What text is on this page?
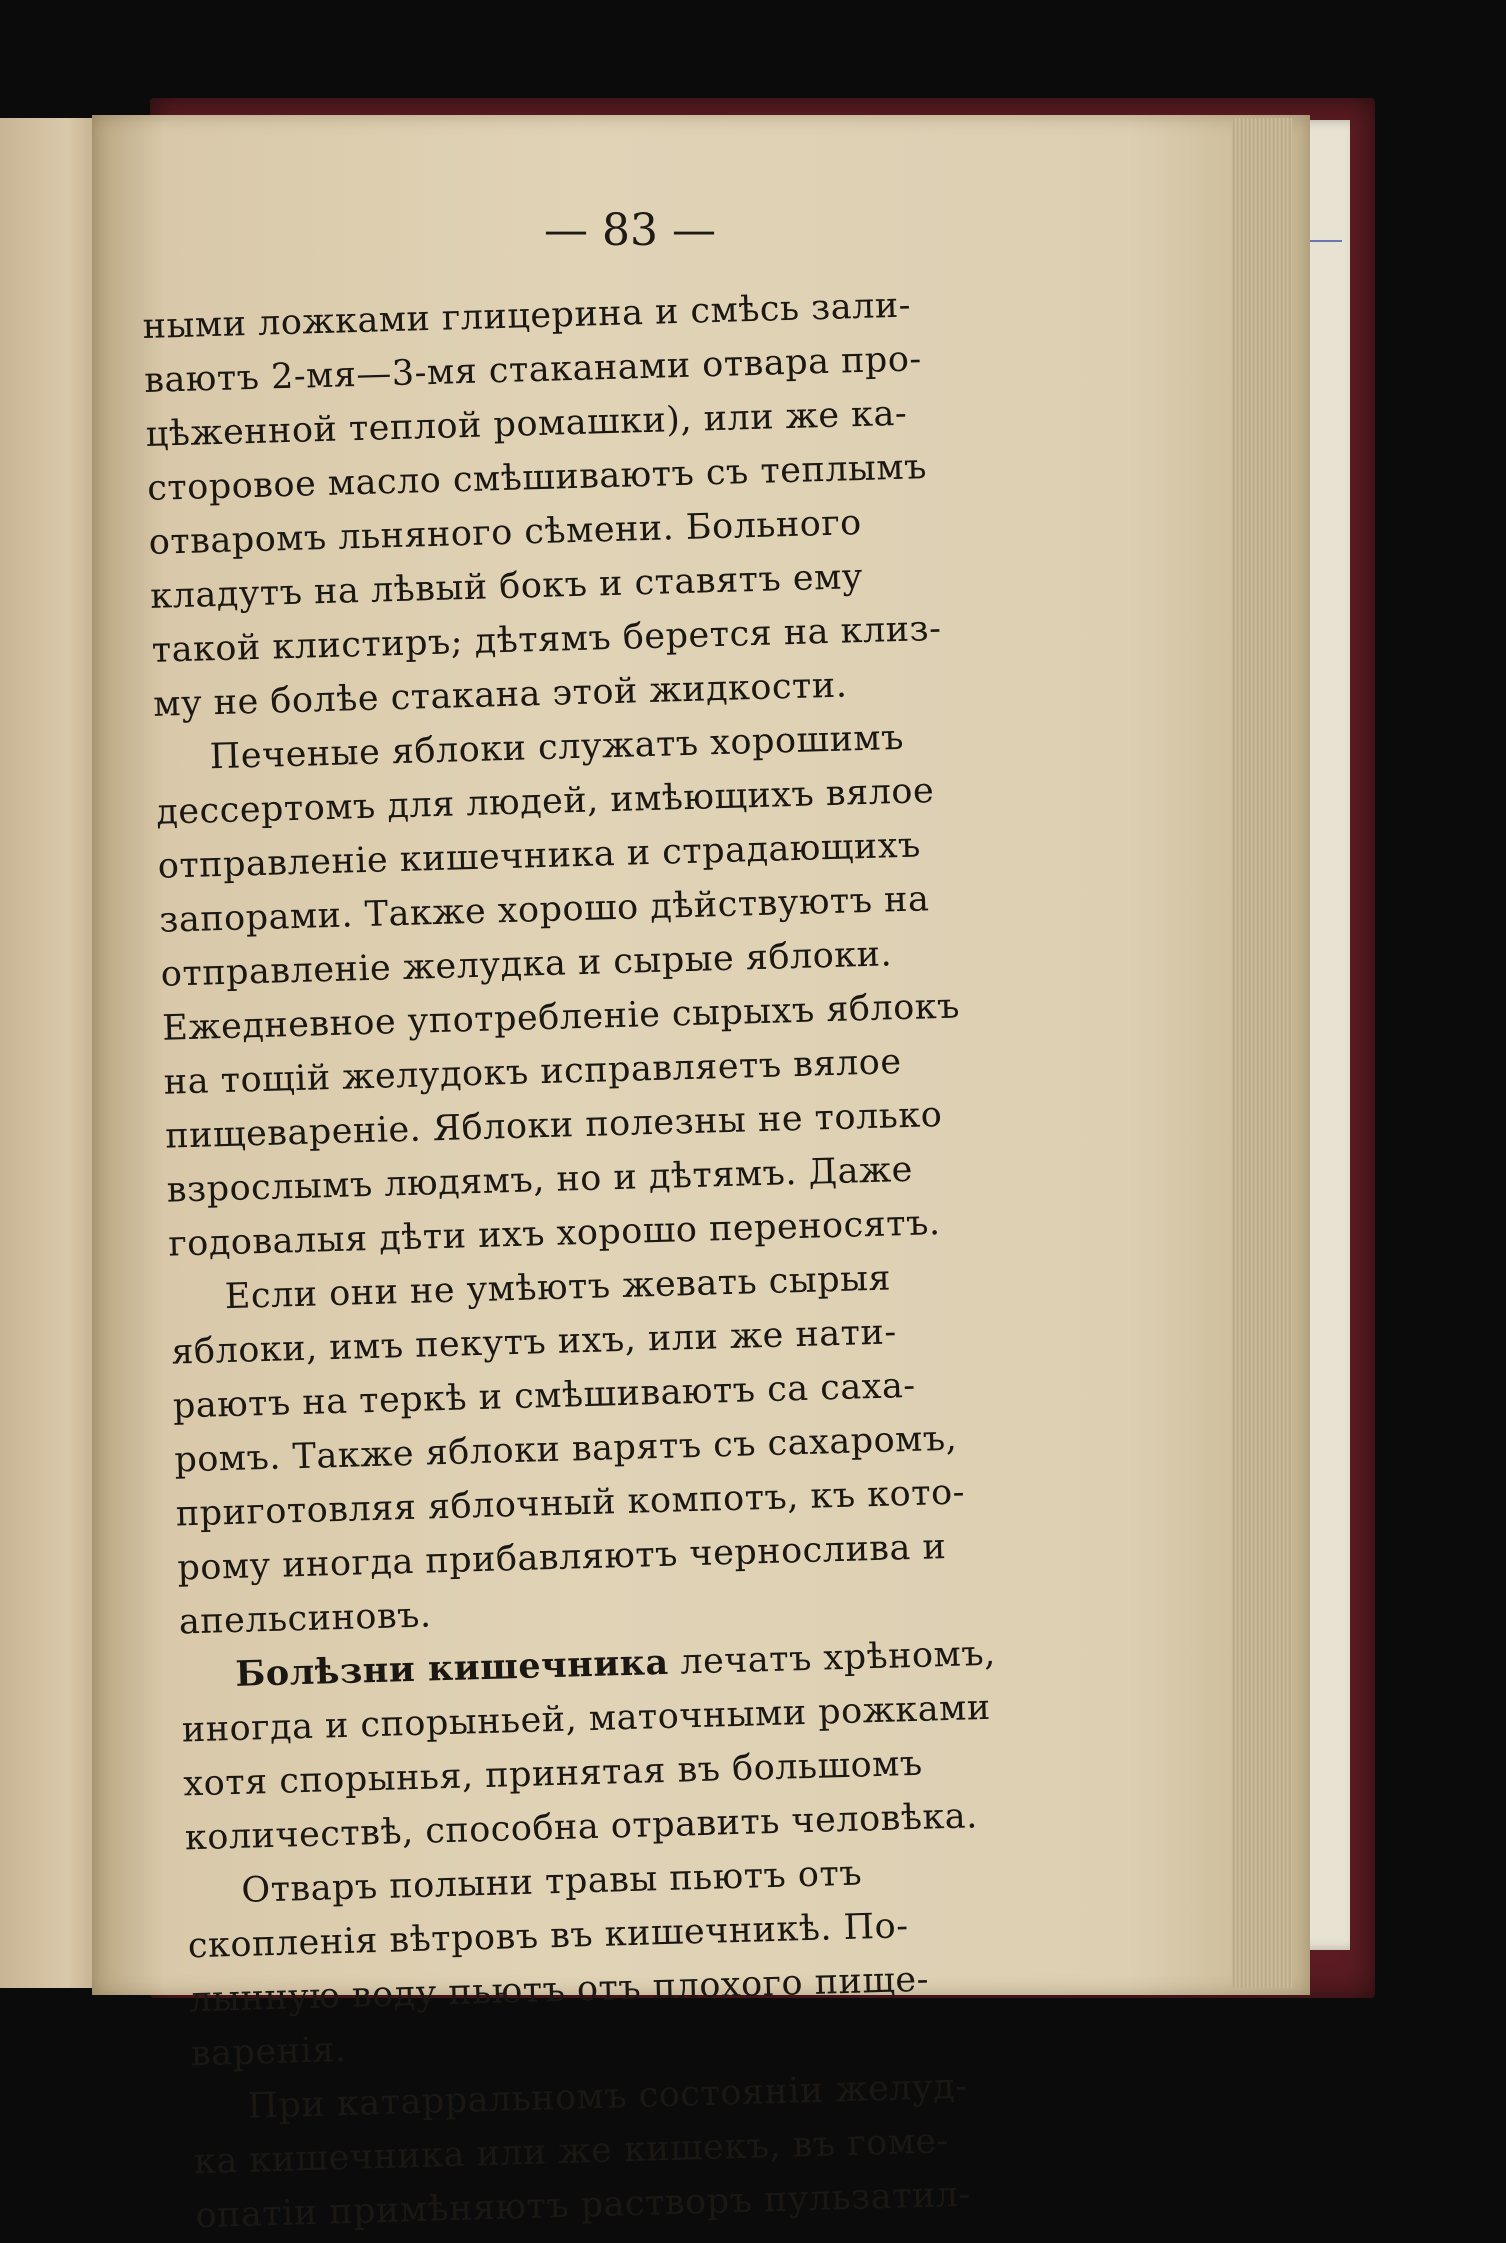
— 83 —

ными ложками глицерина и смѣсь зали-
ваютъ 2-мя—3-мя стаканами отвара про-
цѣженной теплой ромашки), или же ка-
сторовое масло смѣшиваютъ съ теплымъ
отваромъ льняного сѣмени. Больного
кладутъ на лѣвый бокъ и ставятъ ему
такой клистиръ; дѣтямъ берется на клиз-
му не болѣе стакана этой жидкости.

Печеные яблоки служатъ хорошимъ
дессертомъ для людей, имѣющихъ вялое
отправленіе кишечника и страдающихъ
запорами. Также хорошо дѣйствуютъ на
отправленіе желудка и сырые яблоки.
Ежедневное употребленіе сырыхъ яблокъ
на тощій желудокъ исправляетъ вялое
пищевареніе. Яблоки полезны не только
взрослымъ людямъ, но и дѣтямъ. Даже
годовалыя дѣти ихъ хорошо переносятъ.

Если они не умѣютъ жевать сырыя
яблоки, имъ пекутъ ихъ, или же нати-
раютъ на теркѣ и смѣшиваютъ са саха-
ромъ. Также яблоки варятъ съ сахаромъ,
приготовляя яблочный компотъ, къ кото-
рому иногда прибавляютъ чернослива и
апельсиновъ.

Болѣзни кишечника лечатъ хрѣномъ,
иногда и спорыньей, маточными рожками
хотя спорынья, принятая въ большомъ
количествѣ, способна отравить человѣка.

Отваръ полыни травы пьютъ отъ
скопленія вѣтровъ въ кишечникѣ. По-
лынную воду пьютъ отъ плохого пище-
варенія.

При катарральномъ состояніи желуд-
ка кишечника или же кишекъ, въ гоме-
опатіи примѣняютъ растворъ пульзатил-
